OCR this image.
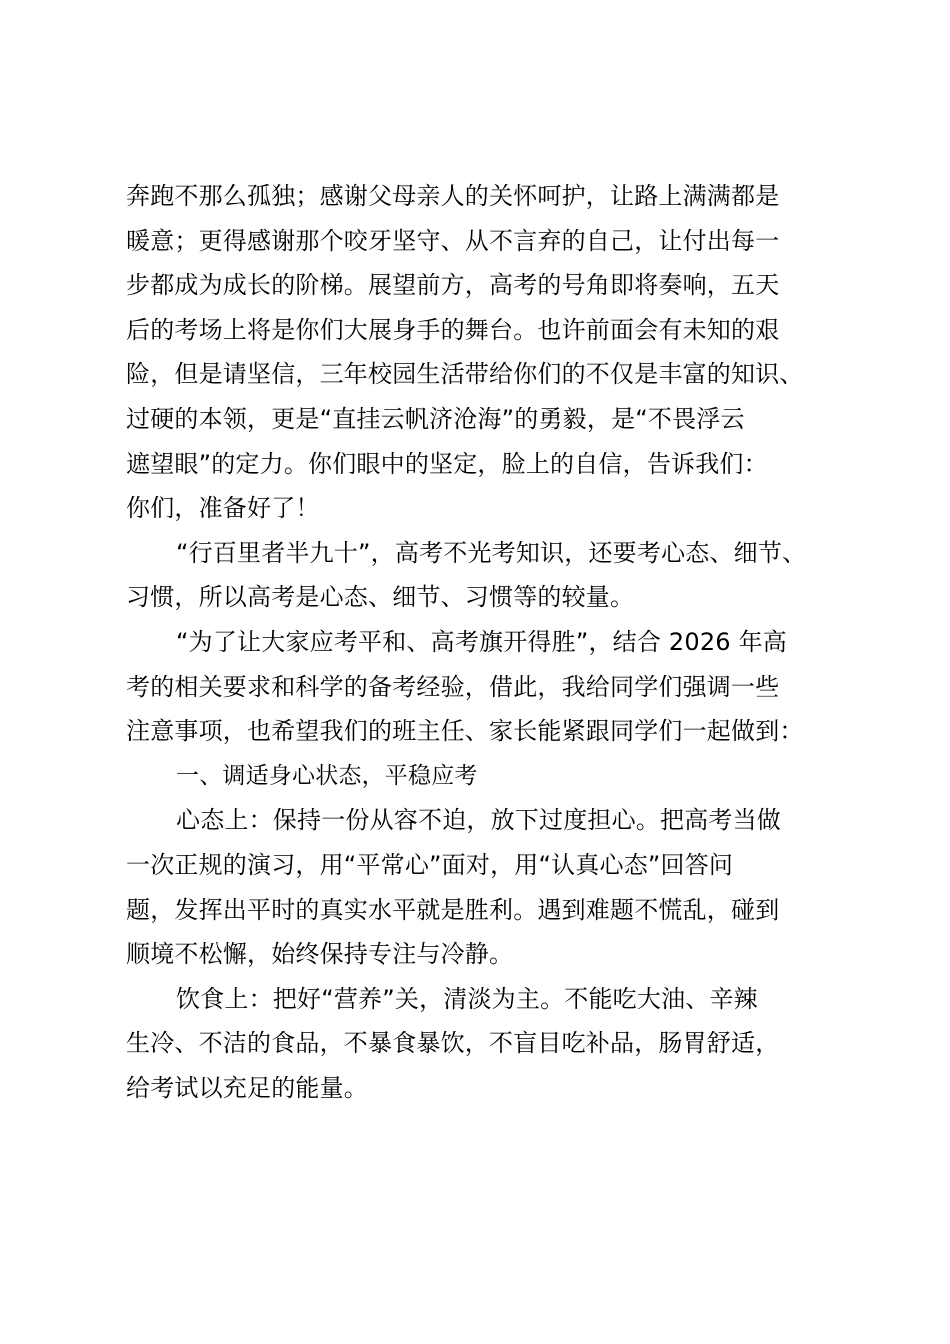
奔跑不那么孤独；感谢父母亲人的关怀呵护，让路上满满都是
暖意；更得感谢那个咬牙坚守、从不言弃的自己，让付出每一
步都成为成长的阶梯。展望前方，高考的号角即将奏响，五天
后的考场上将是你们大展身手的舞台。也许前面会有未知的艰
险，但是请坚信，三年校园生活带给你们的不仅是丰富的知识、
过硬的本领，更是“直挂云帆济沧海”的勇毅，是“不畏浮云
遮望眼”的定力。你们眼中的坚定，脸上的自信，告诉我们：
你们，准备好了！
“行百里者半九十”，高考不光考知识，还要考心态、细节、
习惯，所以高考是心态、细节、习惯等的较量。
“为了让大家应考平和、高考旗开得胜”，结合 2026 年高
考的相关要求和科学的备考经验，借此，我给同学们强调一些
注意事项，也希望我们的班主任、家长能紧跟同学们一起做到：
一、调适身心状态，平稳应考
心态上：保持一份从容不迫，放下过度担心。把高考当做
一次正规的演习，用“平常心”面对，用“认真心态”回答问
题，发挥出平时的真实水平就是胜利。遇到难题不慌乱，碰到
顺境不松懈，始终保持专注与冷静。
饮食上：把好“营养”关，清淡为主。不能吃大油、辛辣
生冷、不洁的食品，不暴食暴饮，不盲目吃补品，肠胃舒适，
给考试以充足的能量。
